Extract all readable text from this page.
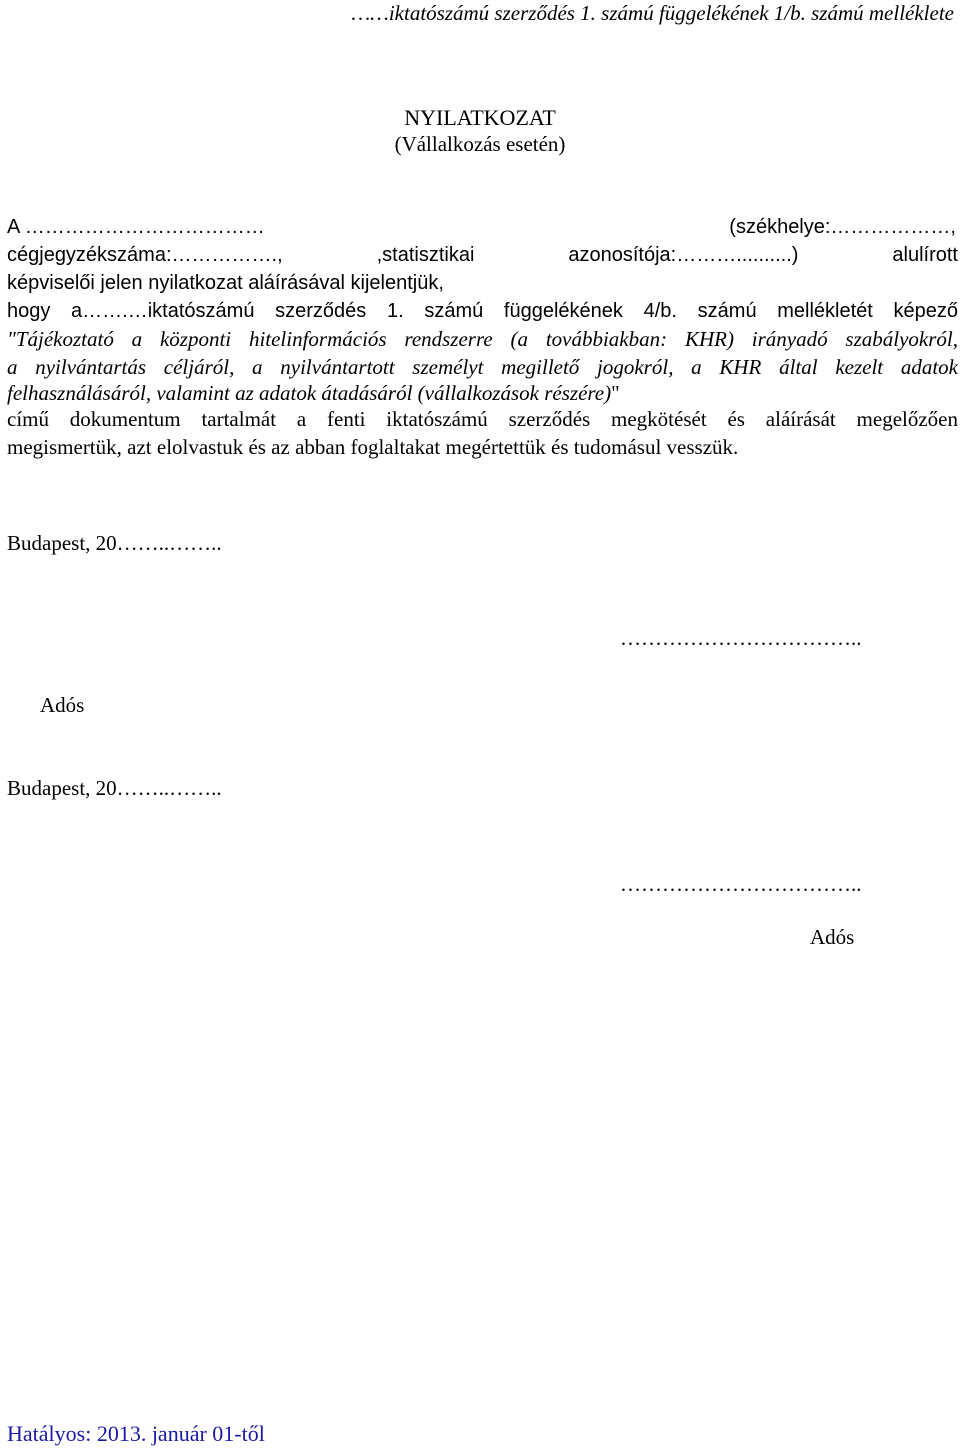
……iktatószámú szerződés 1. számú függelékének 1/b. számú melléklete
NYILATKOZAT
(Vállalkozás esetén)
A ………………………………	(székhelye:………………,
cégjegyzékszáma:……………., ,statisztikai	azonosítója:………..........)	alulírott
képviselői jelen nyilatkozat aláírásával kijelentjük,
hogy a…….…iktatószámú szerződés 1. számú függelékének 4/b. számú mellékletét képező
"Tájékoztató a központi hitelinformációs rendszerre (a továbbiakban: KHR) irányadó szabályokról,
a nyilvántartás céljáról, a nyilvántartott személyt megillető jogokról, a KHR által kezelt adatok
felhasználásáról, valamint az adatok átadásáról (vállalkozások részére)"
című dokumentum tartalmát a fenti iktatószámú szerződés megkötését és aláírását megelőzően
megismertük, azt elolvastuk és az abban foglaltakat megértettük és tudomásul vesszük.
Budapest, 20……..……..
……………………………..
Adós
Budapest, 20……..……..
……………………………..
Adós
Hatályos: 2013. január 01-től
